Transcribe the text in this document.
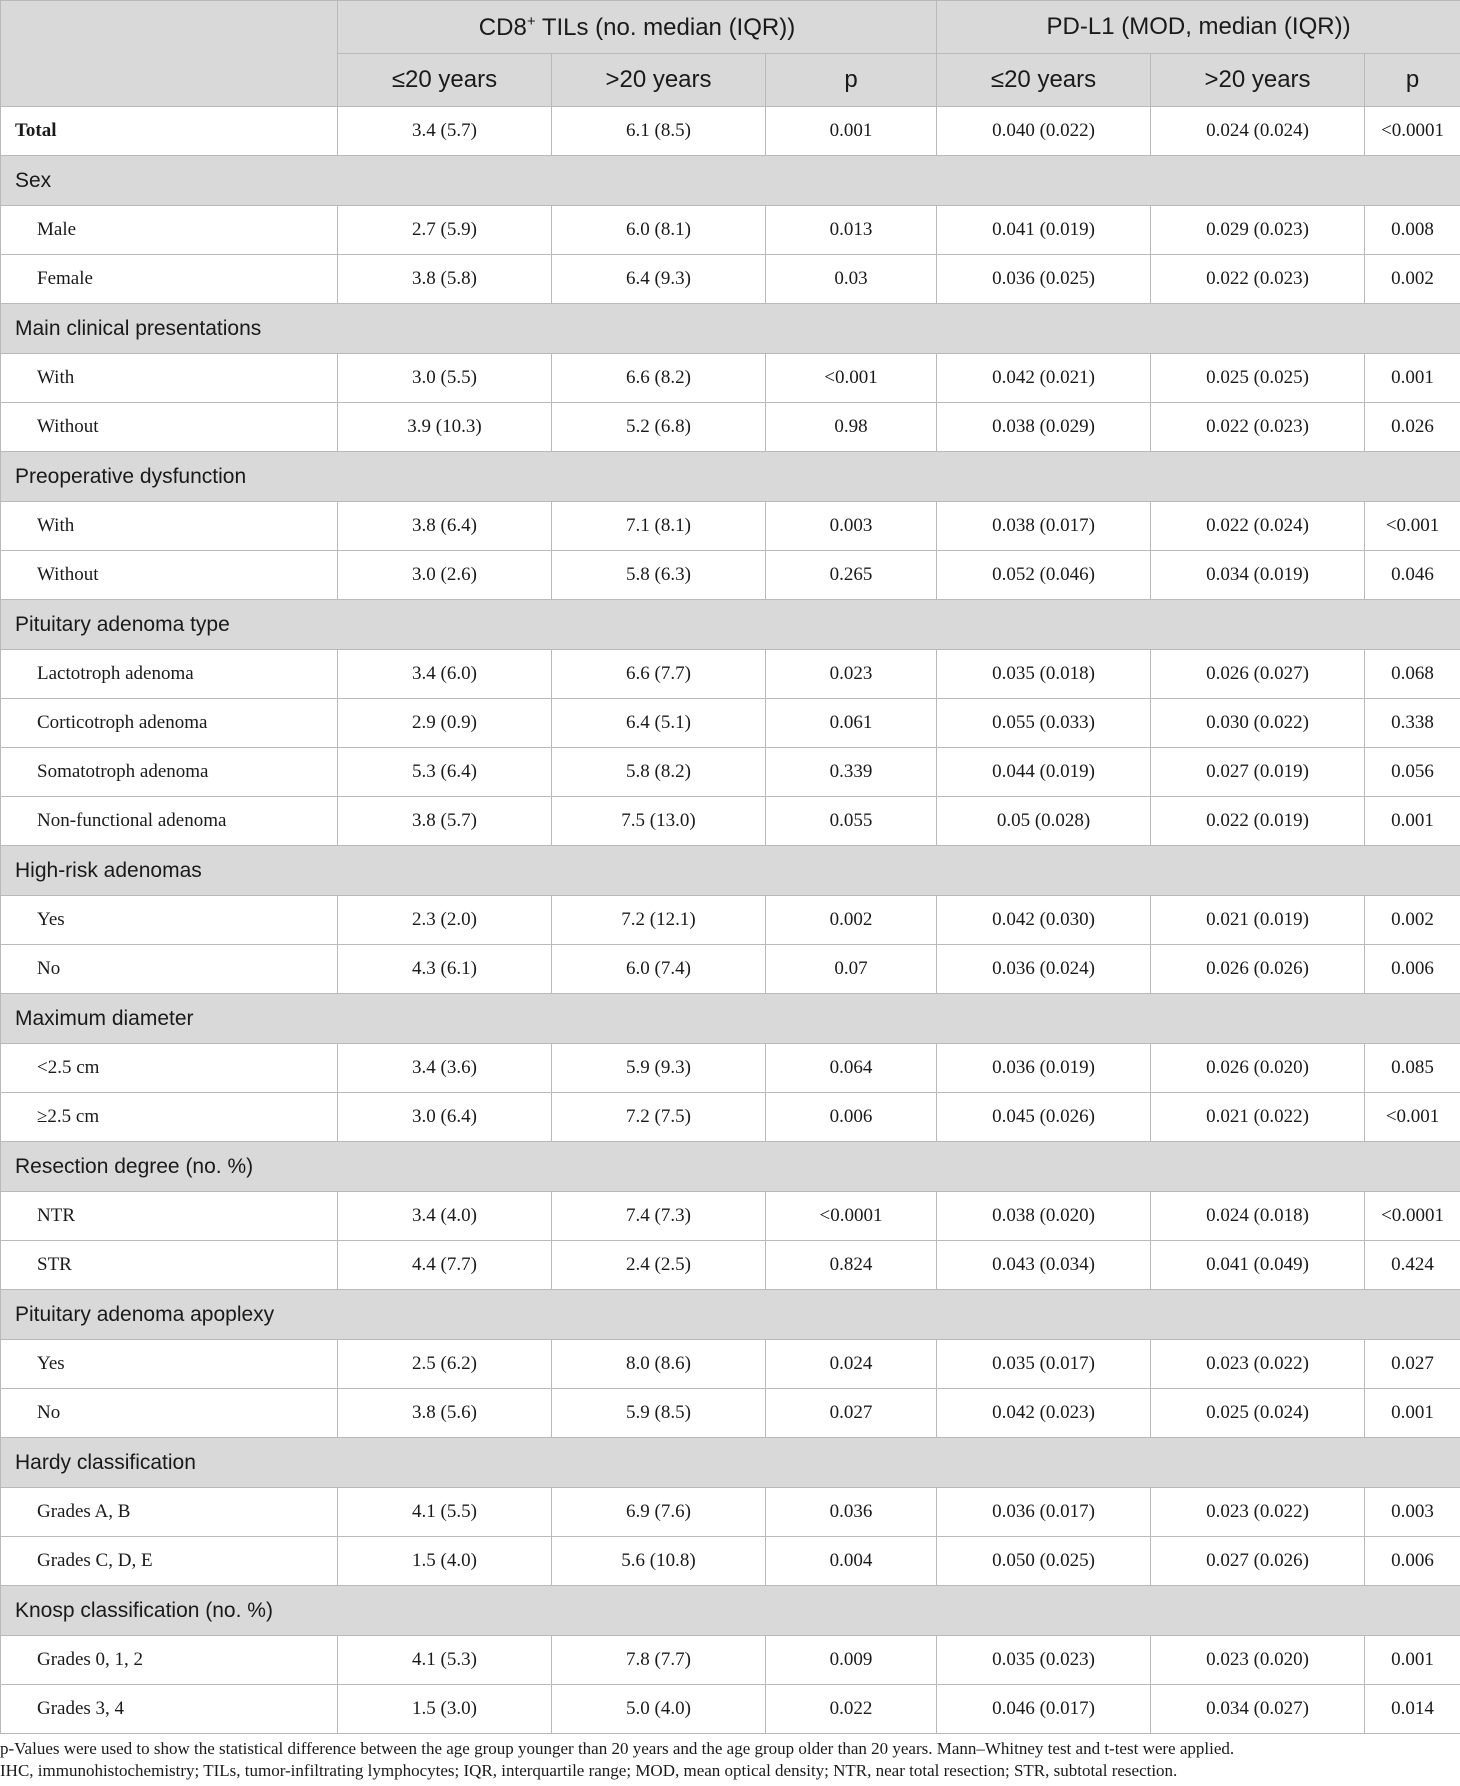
	CD8+ TILs (no. median (IQR))			PD-L1 (MOD, median (IQR))		
	≤20 years	>20 years	p	≤20 years	>20 years	p
Total	3.4 (5.7)	6.1 (8.5)	0.001	0.040 (0.022)	0.024 (0.024)	<0.0001
Sex						
Male	2.7 (5.9)	6.0 (8.1)	0.013	0.041 (0.019)	0.029 (0.023)	0.008
Female	3.8 (5.8)	6.4 (9.3)	0.03	0.036 (0.025)	0.022 (0.023)	0.002
Main clinical presentations						
With	3.0 (5.5)	6.6 (8.2)	<0.001	0.042 (0.021)	0.025 (0.025)	0.001
Without	3.9 (10.3)	5.2 (6.8)	0.98	0.038 (0.029)	0.022 (0.023)	0.026
Preoperative dysfunction						
With	3.8 (6.4)	7.1 (8.1)	0.003	0.038 (0.017)	0.022 (0.024)	<0.001
Without	3.0 (2.6)	5.8 (6.3)	0.265	0.052 (0.046)	0.034 (0.019)	0.046
Pituitary adenoma type						
Lactotroph adenoma	3.4 (6.0)	6.6 (7.7)	0.023	0.035 (0.018)	0.026 (0.027)	0.068
Corticotroph adenoma	2.9 (0.9)	6.4 (5.1)	0.061	0.055 (0.033)	0.030 (0.022)	0.338
Somatotroph adenoma	5.3 (6.4)	5.8 (8.2)	0.339	0.044 (0.019)	0.027 (0.019)	0.056
Non-functional adenoma	3.8 (5.7)	7.5 (13.0)	0.055	0.05 (0.028)	0.022 (0.019)	0.001
High-risk adenomas						
Yes	2.3 (2.0)	7.2 (12.1)	0.002	0.042 (0.030)	0.021 (0.019)	0.002
No	4.3 (6.1)	6.0 (7.4)	0.07	0.036 (0.024)	0.026 (0.026)	0.006
Maximum diameter						
<2.5 cm	3.4 (3.6)	5.9 (9.3)	0.064	0.036 (0.019)	0.026 (0.020)	0.085
≥2.5 cm	3.0 (6.4)	7.2 (7.5)	0.006	0.045 (0.026)	0.021 (0.022)	<0.001
Resection degree (no. %)						
NTR	3.4 (4.0)	7.4 (7.3)	<0.0001	0.038 (0.020)	0.024 (0.018)	<0.0001
STR	4.4 (7.7)	2.4 (2.5)	0.824	0.043 (0.034)	0.041 (0.049)	0.424
Pituitary adenoma apoplexy						
Yes	2.5 (6.2)	8.0 (8.6)	0.024	0.035 (0.017)	0.023 (0.022)	0.027
No	3.8 (5.6)	5.9 (8.5)	0.027	0.042 (0.023)	0.025 (0.024)	0.001
Hardy classification						
Grades A, B	4.1 (5.5)	6.9 (7.6)	0.036	0.036 (0.017)	0.023 (0.022)	0.003
Grades C, D, E	1.5 (4.0)	5.6 (10.8)	0.004	0.050 (0.025)	0.027 (0.026)	0.006
Knosp classification (no. %)						
Grades 0, 1, 2	4.1 (5.3)	7.8 (7.7)	0.009	0.035 (0.023)	0.023 (0.020)	0.001
Grades 3, 4	1.5 (3.0)	5.0 (4.0)	0.022	0.046 (0.017)	0.034 (0.027)	0.014
p-Values were used to show the statistical difference between the age group younger than 20 years and the age group older than 20 years. Mann–Whitney test and t-test were applied.
IHC, immunohistochemistry; TILs, tumor-infiltrating lymphocytes; IQR, interquartile range; MOD, mean optical density; NTR, near total resection; STR, subtotal resection.
